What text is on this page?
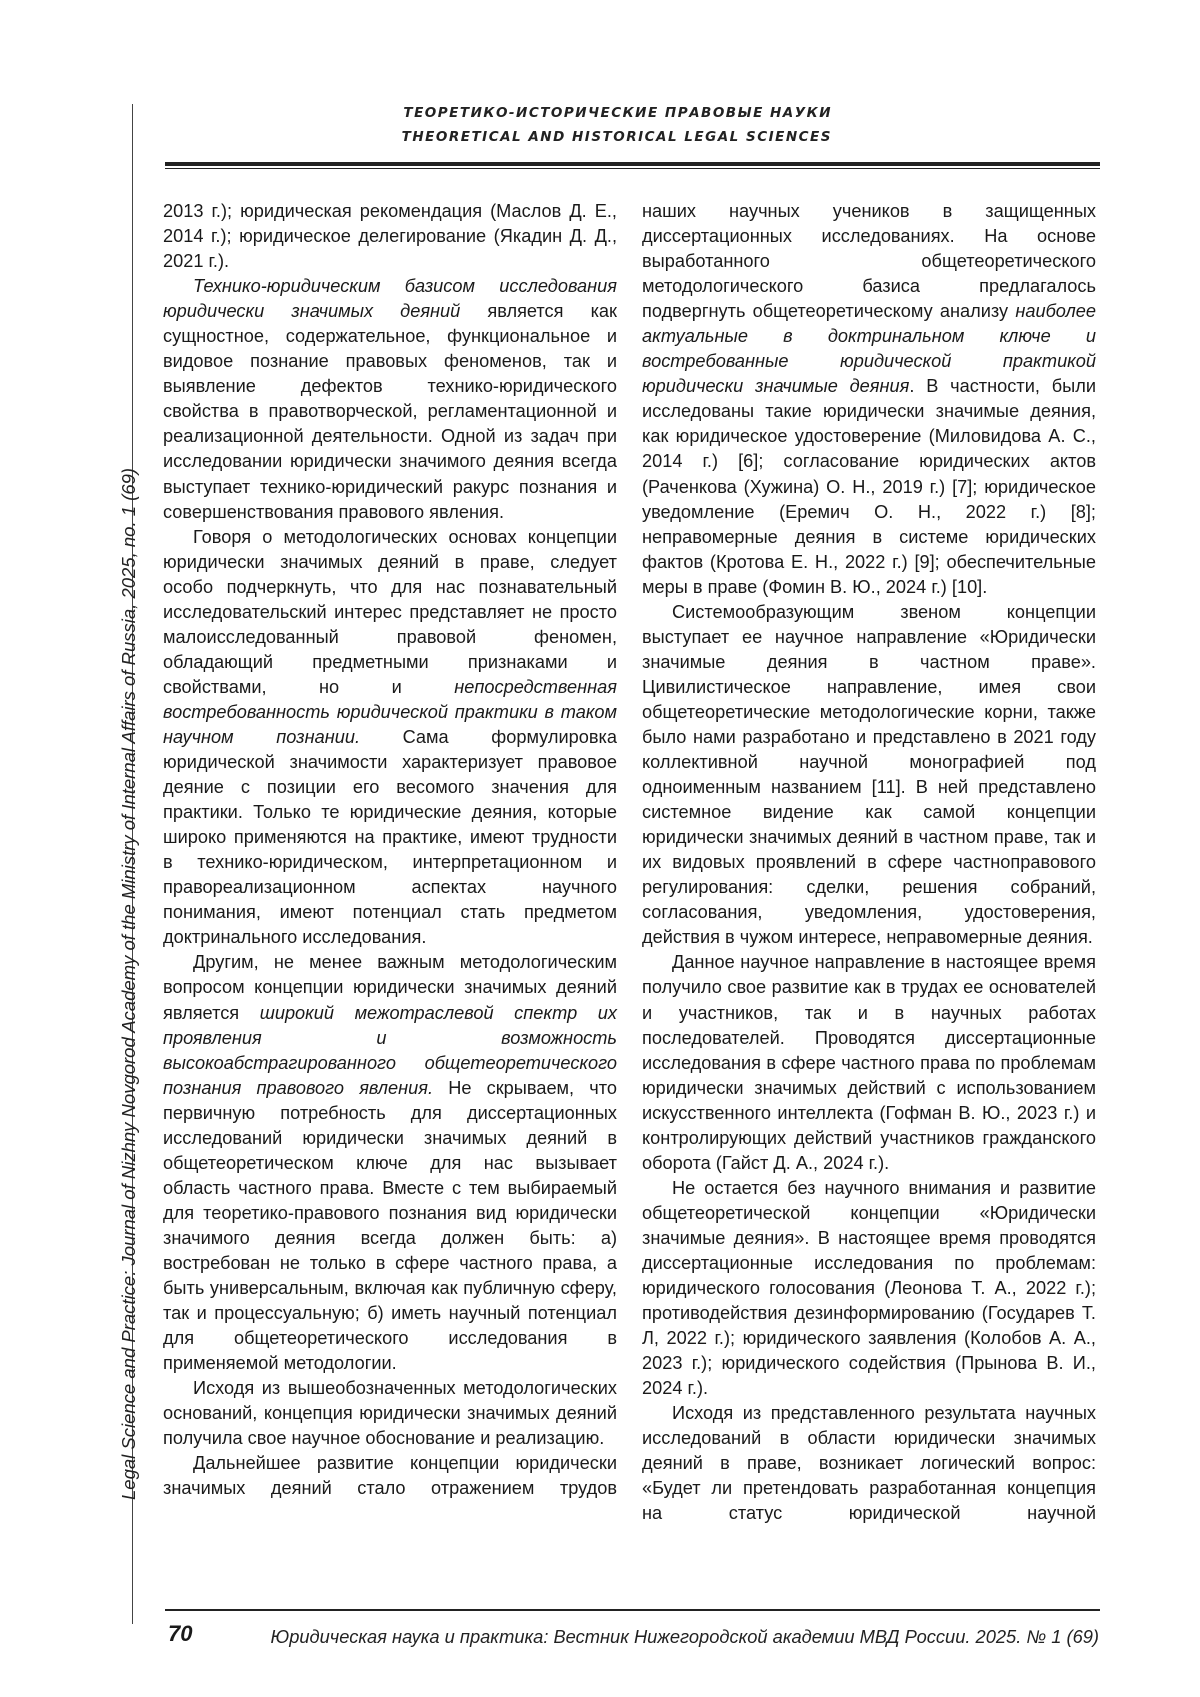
Legal Science and Practice: Journal of Nizhny Novgorod Academy of the Ministry of Internal Affairs of Russia, 2025, no. 1 (69)
ТЕОРЕТИКО-ИСТОРИЧЕСКИЕ ПРАВОВЫЕ НАУКИ
THEORETICAL AND HISTORICAL LEGAL SCIENCES

2013 г.); юридическая рекомендация (Маслов Д. Е., 2014 г.); юридическое делегирование (Якадин Д. Д., 2021 г.).

Технико-юридическим базисом исследования юридически значимых деяний является как сущностное, содержательное, функциональное и видовое познание правовых феноменов, так и выявление дефектов технико-юридического свойства в правотворческой, регламентационной и реализационной деятельности. Одной из задач при исследовании юридически значимого деяния всегда выступает технико-юридический ракурс познания и совершенствования правового явления.

Говоря о методологических основах концепции юридически значимых деяний в праве, следует особо подчеркнуть, что для нас познавательный исследовательский интерес представляет не просто малоисследованный правовой феномен, обладающий предметными признаками и свойствами, но и непосредственная востребованность юридической практики в таком научном познании. Сама формулировка юридической значимости характеризует правовое деяние с позиции его весомого значения для практики. Только те юридические деяния, которые широко применяются на практике, имеют трудности в технико-юридическом, интерпретационном и правореализационном аспектах научного понимания, имеют потенциал стать предметом доктринального исследования.

Другим, не менее важным методологическим вопросом концепции юридически значимых деяний является широкий межотраслевой спектр их проявления и возможность высокоабстрагированного общетеоретического познания правового явления. Не скрываем, что первичную потребность для диссертационных исследований юридически значимых деяний в общетеоретическом ключе для нас вызывает область частного права. Вместе с тем выбираемый для теоретико-правового познания вид юридически значимого деяния всегда должен быть: а) востребован не только в сфере частного права, а быть универсальным, включая как публичную сферу, так и процессуальную; б) иметь научный потенциал для общетеоретического исследования в применяемой методологии.

Исходя из вышеобозначенных методологических оснований, концепция юридически значимых деяний получила свое научное обоснование и реализацию.

Дальнейшее развитие концепции юридически значимых деяний стало отражением трудов

наших научных учеников в защищенных диссертационных исследованиях. На основе выработанного общетеоретического методологического базиса предлагалось подвергнуть общетеоретическому анализу наиболее актуальные в доктринальном ключе и востребованные юридической практикой юридически значимые деяния. В частности, были исследованы такие юридически значимые деяния, как юридическое удостоверение (Миловидова А. С., 2014 г.) [6]; согласование юридических актов (Раченкова (Хужина) О. Н., 2019 г.) [7]; юридическое уведомление (Еремич О. Н., 2022 г.) [8]; неправомерные деяния в системе юридических фактов (Кротова Е. Н., 2022 г.) [9]; обеспечительные меры в праве (Фомин В. Ю., 2024 г.) [10].

Системообразующим звеном концепции выступает ее научное направление «Юридически значимые деяния в частном праве». Цивилистическое направление, имея свои общетеоретические методологические корни, также было нами разработано и представлено в 2021 году коллективной научной монографией под одноименным названием [11]. В ней представлено системное видение как самой концепции юридически значимых деяний в частном праве, так и их видовых проявлений в сфере частноправового регулирования: сделки, решения собраний, согласования, уведомления, удостоверения, действия в чужом интересе, неправомерные деяния.

Данное научное направление в настоящее время получило свое развитие как в трудах ее основателей и участников, так и в научных работах последователей. Проводятся диссертационные исследования в сфере частного права по проблемам юридически значимых действий с использованием искусственного интеллекта (Гофман В. Ю., 2023 г.) и контролирующих действий участников гражданского оборота (Гайст Д. А., 2024 г.).

Не остается без научного внимания и развитие общетеоретической концепции «Юридически значимые деяния». В настоящее время проводятся диссертационные исследования по проблемам: юридического голосования (Леонова Т. А., 2022 г.); противодействия дезинформированию (Государев Т. Л, 2022 г.); юридического заявления (Колобов А. А., 2023 г.); юридического содействия (Прынова В. И., 2024 г.).

Исходя из представленного результата научных исследований в области юридически значимых деяний в праве, возникает логический вопрос: «Будет ли претендовать разработанная концепция на статус юридической научной

70	Юридическая наука и практика: Вестник Нижегородской академии МВД России. 2025. № 1 (69)
